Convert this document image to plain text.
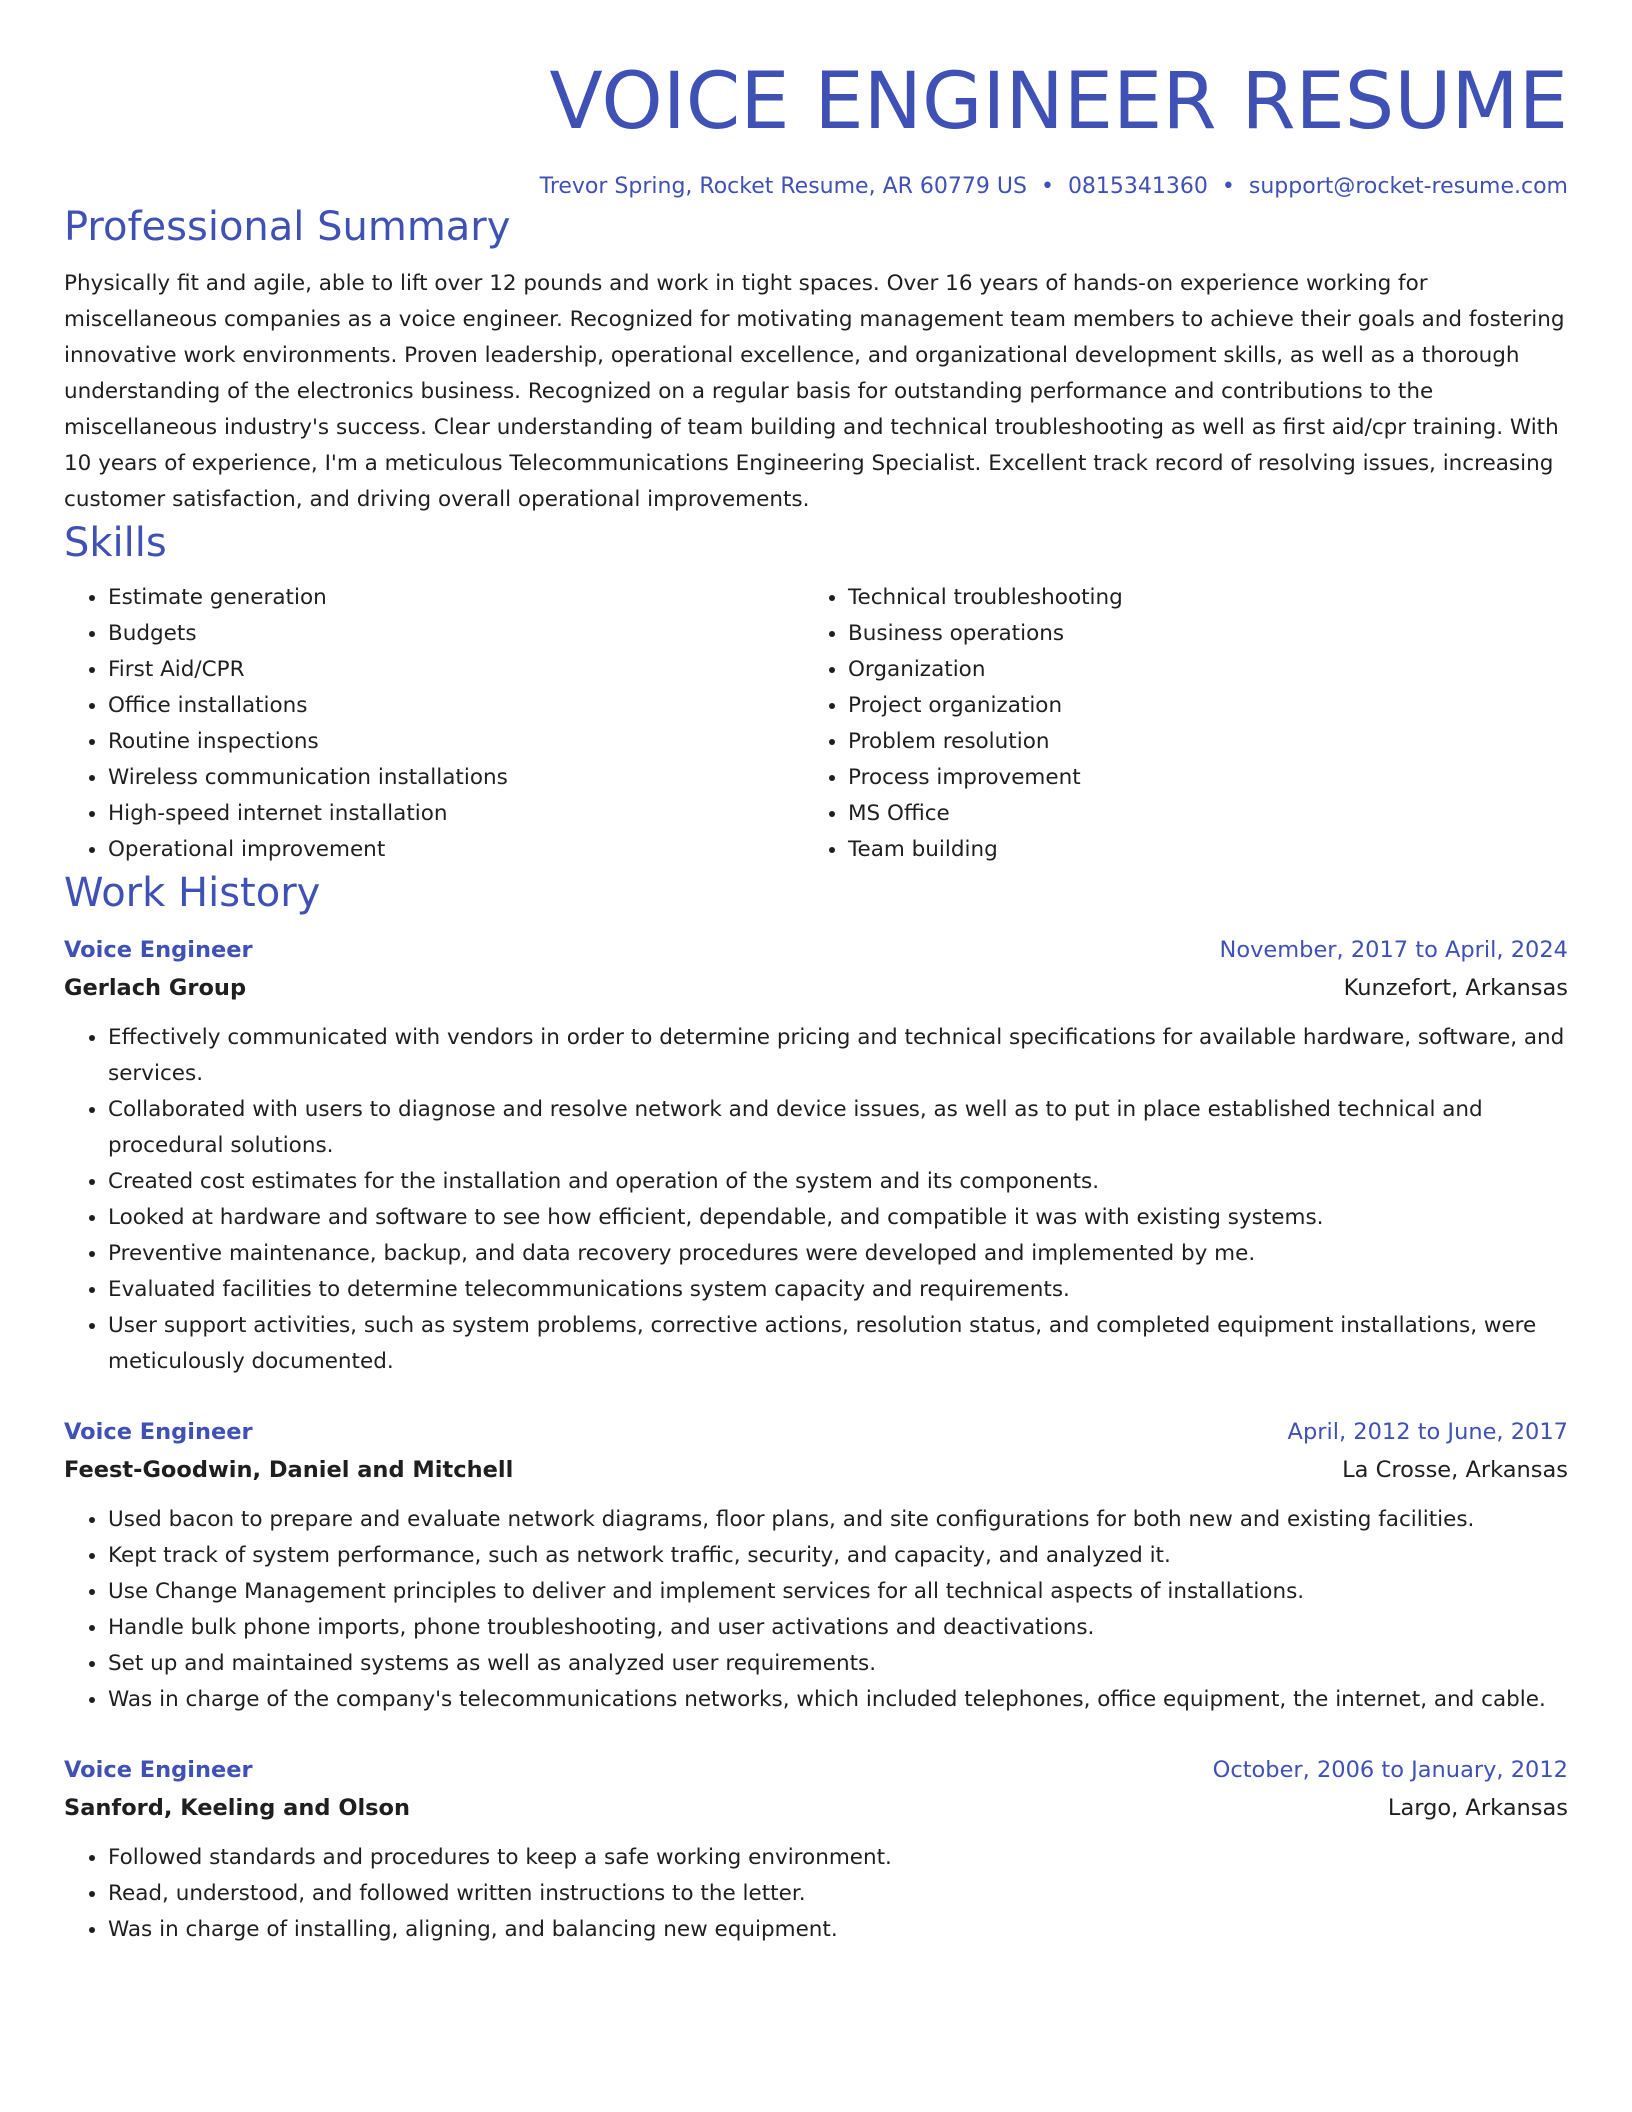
VOICE ENGINEER RESUME
Trevor Spring, Rocket Resume, AR 60779 US • 0815341360 • support@rocket-resume.com
Professional Summary

Physically fit and agile, able to lift over 12 pounds and work in tight spaces. Over 16 years of hands-on experience working for miscellaneous companies as a voice engineer. Recognized for motivating management team members to achieve their goals and fostering innovative work environments. Proven leadership, operational excellence, and organizational development skills, as well as a thorough understanding of the electronics business. Recognized on a regular basis for outstanding performance and contributions to the miscellaneous industry's success. Clear understanding of team building and technical troubleshooting as well as first aid/cpr training. With 10 years of experience, I'm a meticulous Telecommunications Engineering Specialist. Excellent track record of resolving issues, increasing customer satisfaction, and driving overall operational improvements.

Skills
• Estimate generation
• Budgets
• First Aid/CPR
• Office installations
• Routine inspections
• Wireless communication installations
• High-speed internet installation
• Operational improvement
• Technical troubleshooting
• Business operations
• Organization
• Project organization
• Problem resolution
• Process improvement
• MS Office
• Team building
Work History
Voice Engineer	November, 2017 to April, 2024
Gerlach Group	Kunzefort, Arkansas
• Effectively communicated with vendors in order to determine pricing and technical specifications for available hardware, software, and services.
• Collaborated with users to diagnose and resolve network and device issues, as well as to put in place established technical and procedural solutions.
• Created cost estimates for the installation and operation of the system and its components.
• Looked at hardware and software to see how efficient, dependable, and compatible it was with existing systems.
• Preventive maintenance, backup, and data recovery procedures were developed and implemented by me.
• Evaluated facilities to determine telecommunications system capacity and requirements.
• User support activities, such as system problems, corrective actions, resolution status, and completed equipment installations, were meticulously documented.
Voice Engineer	April, 2012 to June, 2017
Feest-Goodwin, Daniel and Mitchell	La Crosse, Arkansas
• Used bacon to prepare and evaluate network diagrams, floor plans, and site configurations for both new and existing facilities.
• Kept track of system performance, such as network traffic, security, and capacity, and analyzed it.
• Use Change Management principles to deliver and implement services for all technical aspects of installations.
• Handle bulk phone imports, phone troubleshooting, and user activations and deactivations.
• Set up and maintained systems as well as analyzed user requirements.
• Was in charge of the company's telecommunications networks, which included telephones, office equipment, the internet, and cable.
Voice Engineer	October, 2006 to January, 2012
Sanford, Keeling and Olson	Largo, Arkansas
• Followed standards and procedures to keep a safe working environment.
• Read, understood, and followed written instructions to the letter.
• Was in charge of installing, aligning, and balancing new equipment.
